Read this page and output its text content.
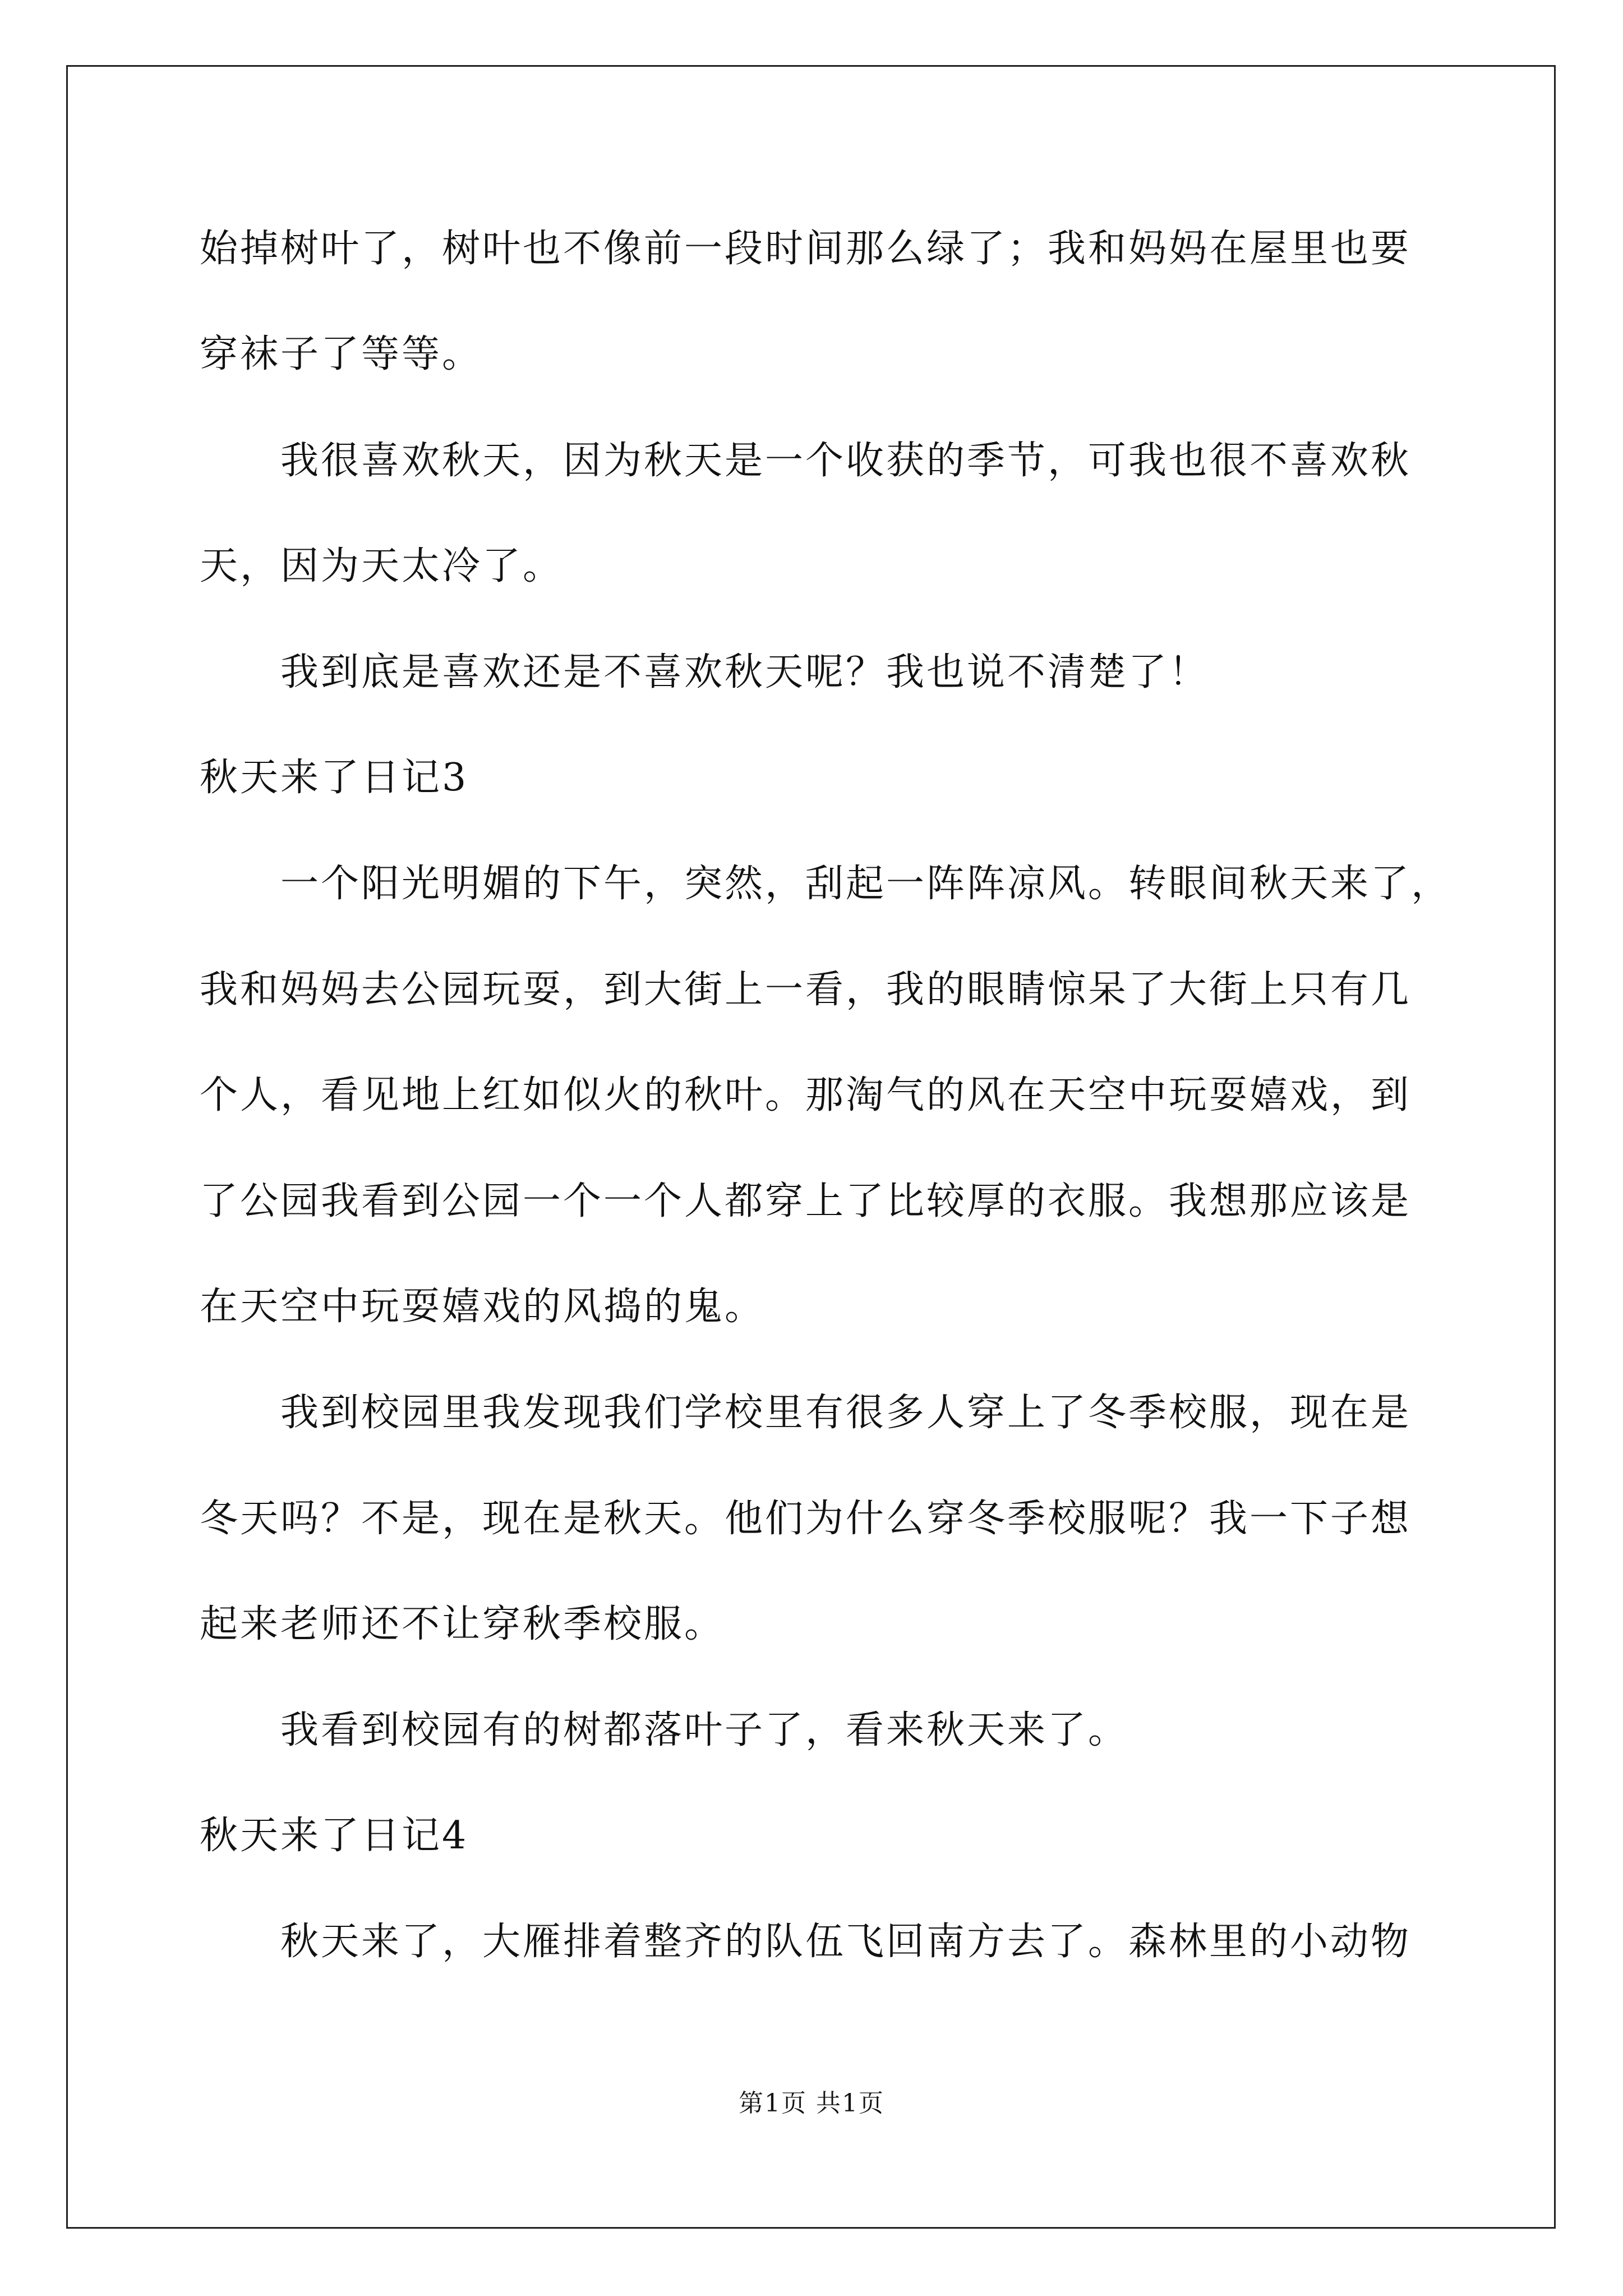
始掉树叶了，树叶也不像前一段时间那么绿了；我和妈妈在屋里也要
穿袜子了等等。
我很喜欢秋天，因为秋天是一个收获的季节，可我也很不喜欢秋
天，因为天太冷了。
我到底是喜欢还是不喜欢秋天呢？我也说不清楚了！
秋天来了日记3
一个阳光明媚的下午，突然，刮起一阵阵凉风。转眼间秋天来了，
我和妈妈去公园玩耍，到大街上一看，我的眼睛惊呆了大街上只有几
个人，看见地上红如似火的秋叶。那淘气的风在天空中玩耍嬉戏，到
了公园我看到公园一个一个人都穿上了比较厚的衣服。我想那应该是
在天空中玩耍嬉戏的风捣的鬼。
我到校园里我发现我们学校里有很多人穿上了冬季校服，现在是
冬天吗？不是，现在是秋天。他们为什么穿冬季校服呢？我一下子想
起来老师还不让穿秋季校服。
我看到校园有的树都落叶子了，看来秋天来了。
秋天来了日记4
秋天来了，大雁排着整齐的队伍飞回南方去了。森林里的小动物
第1页 共1页
